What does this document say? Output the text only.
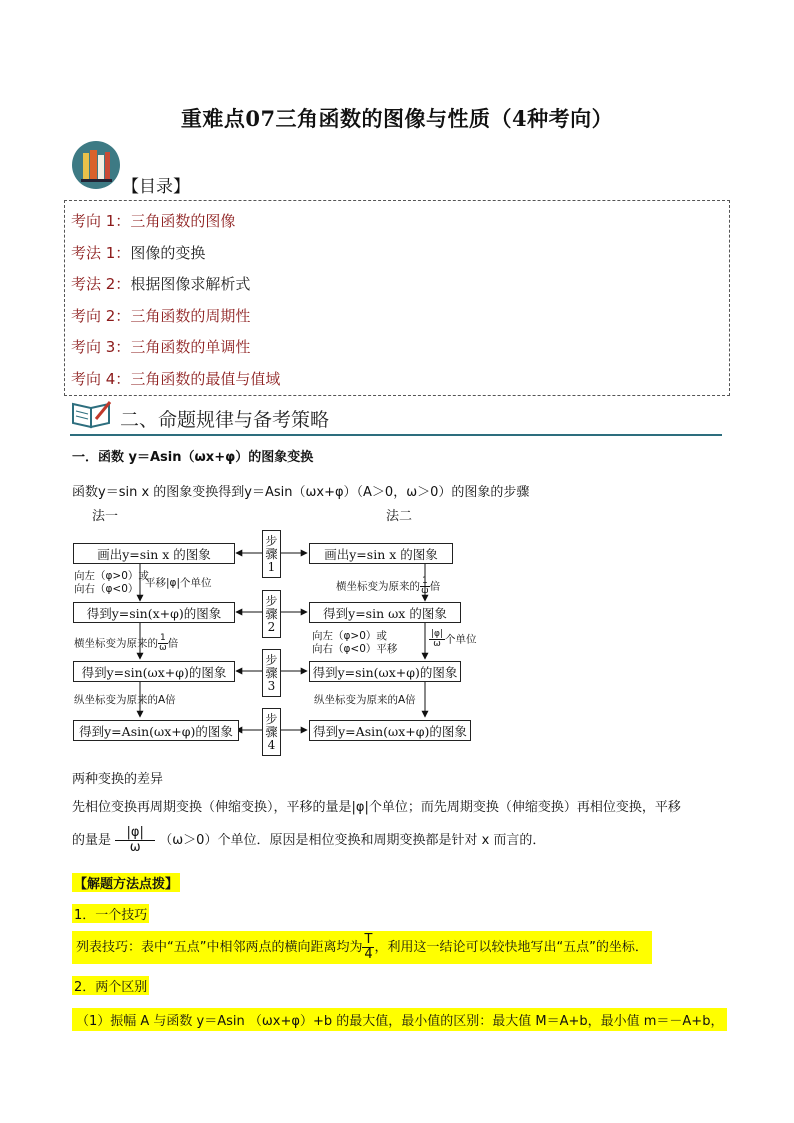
重难点07三角函数的图像与性质（4种考向）
【目录】
考向 1：三角函数的图像
考法 1：图像的变换
考法 2：根据图像求解析式
考向 2：三角函数的周期性
考向 3：三角函数的单调性
考向 4：三角函数的最值与值域
二、命题规律与备考策略
一．函数 y＝Asin（ωx+φ）的图象变换
函数y＝sin x 的图象变换得到y＝Asin（ωx+φ）（A＞0，ω＞0）的图象的步骤
法一	法二
画出y=sin x 的图象
得到y=sin(x+φ)的图象
得到y=sin(ωx+φ)的图象
得到y=Asin(ωx+φ)的图象
画出y=sin x 的图象
得到y=sin ωx 的图象
得到y=sin(ωx+φ)的图象
得到y=Asin(ωx+φ)的图象
步
骤
1
步
骤
2
步
骤
3
步
骤
4
向左（φ>0）或
向右（φ<0） 平移|φ|个单位
横坐标变为原来的 $\frac{1}{\omega}$ 倍
纵坐标变为原来的A倍
横坐标变为原来的 $\frac{1}{\omega}$ 倍
向左（φ>0）或
向右（φ<0）平移	$\frac{|\varphi|}{\omega}$ 个单位
纵坐标变为原来的A倍
两种变换的差异
先相位变换再周期变换（伸缩变换），平移的量是|φ|个单位；而先周期变换（伸缩变换）再相位变换，平移
的量是 $\frac{|\varphi|}{\omega} (\omega>0)$个单位．原因是相位变换和周期变换都是针对 x 而言的．
【解题方法点拨】
1．一个技巧
列表技巧：表中“五点”中相邻两点的横向距离均为 $\frac{T}{4}$ ，利用这一结论可以较快地写出“五点”的坐标．
2．两个区别
（1）振幅 A 与函数 y＝Asin （ωx+φ）+b 的最大值，最小值的区别：最大值 M＝A+b，最小值 m＝－A+b，
